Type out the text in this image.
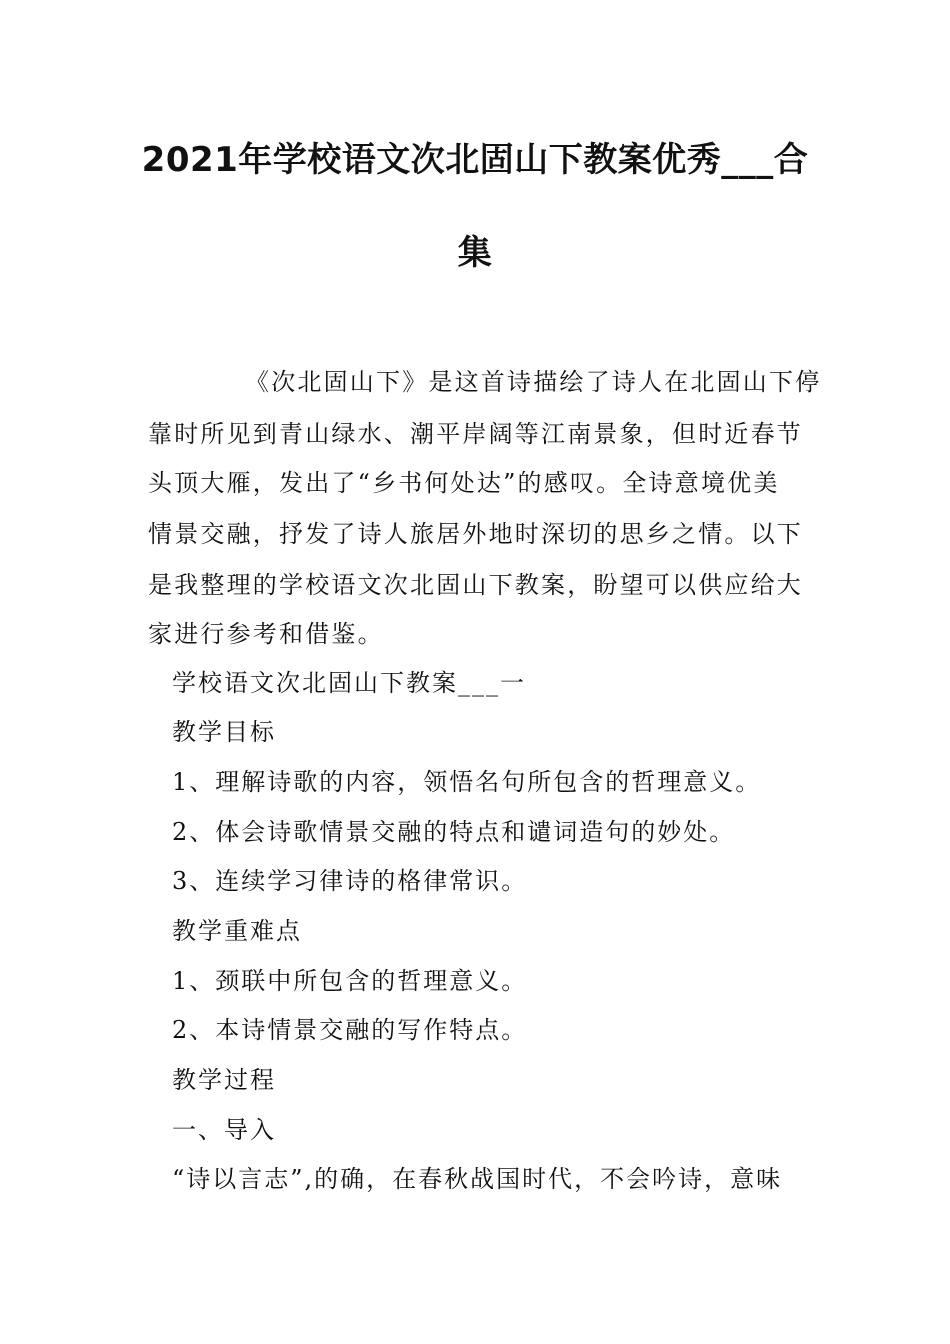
2021年学校语文次北固山下教案优秀___合
集
《次北固山下》是这首诗描绘了诗人在北固山下停
靠时所见到青山绿水、潮平岸阔等江南景象，但时近春节
头顶大雁，发出了“乡书何处达”的感叹。全诗意境优美
情景交融，抒发了诗人旅居外地时深切的思乡之情。以下
是我整理的学校语文次北固山下教案，盼望可以供应给大
家进行参考和借鉴。
学校语文次北固山下教案___一
教学目标
1、理解诗歌的内容，领悟名句所包含的哲理意义。
2、体会诗歌情景交融的特点和谴词造句的妙处。
3、连续学习律诗的格律常识。
教学重难点
1、颈联中所包含的哲理意义。
2、本诗情景交融的写作特点。
教学过程
一、导入
“诗以言志”,的确，在春秋战国时代，不会吟诗，意味
